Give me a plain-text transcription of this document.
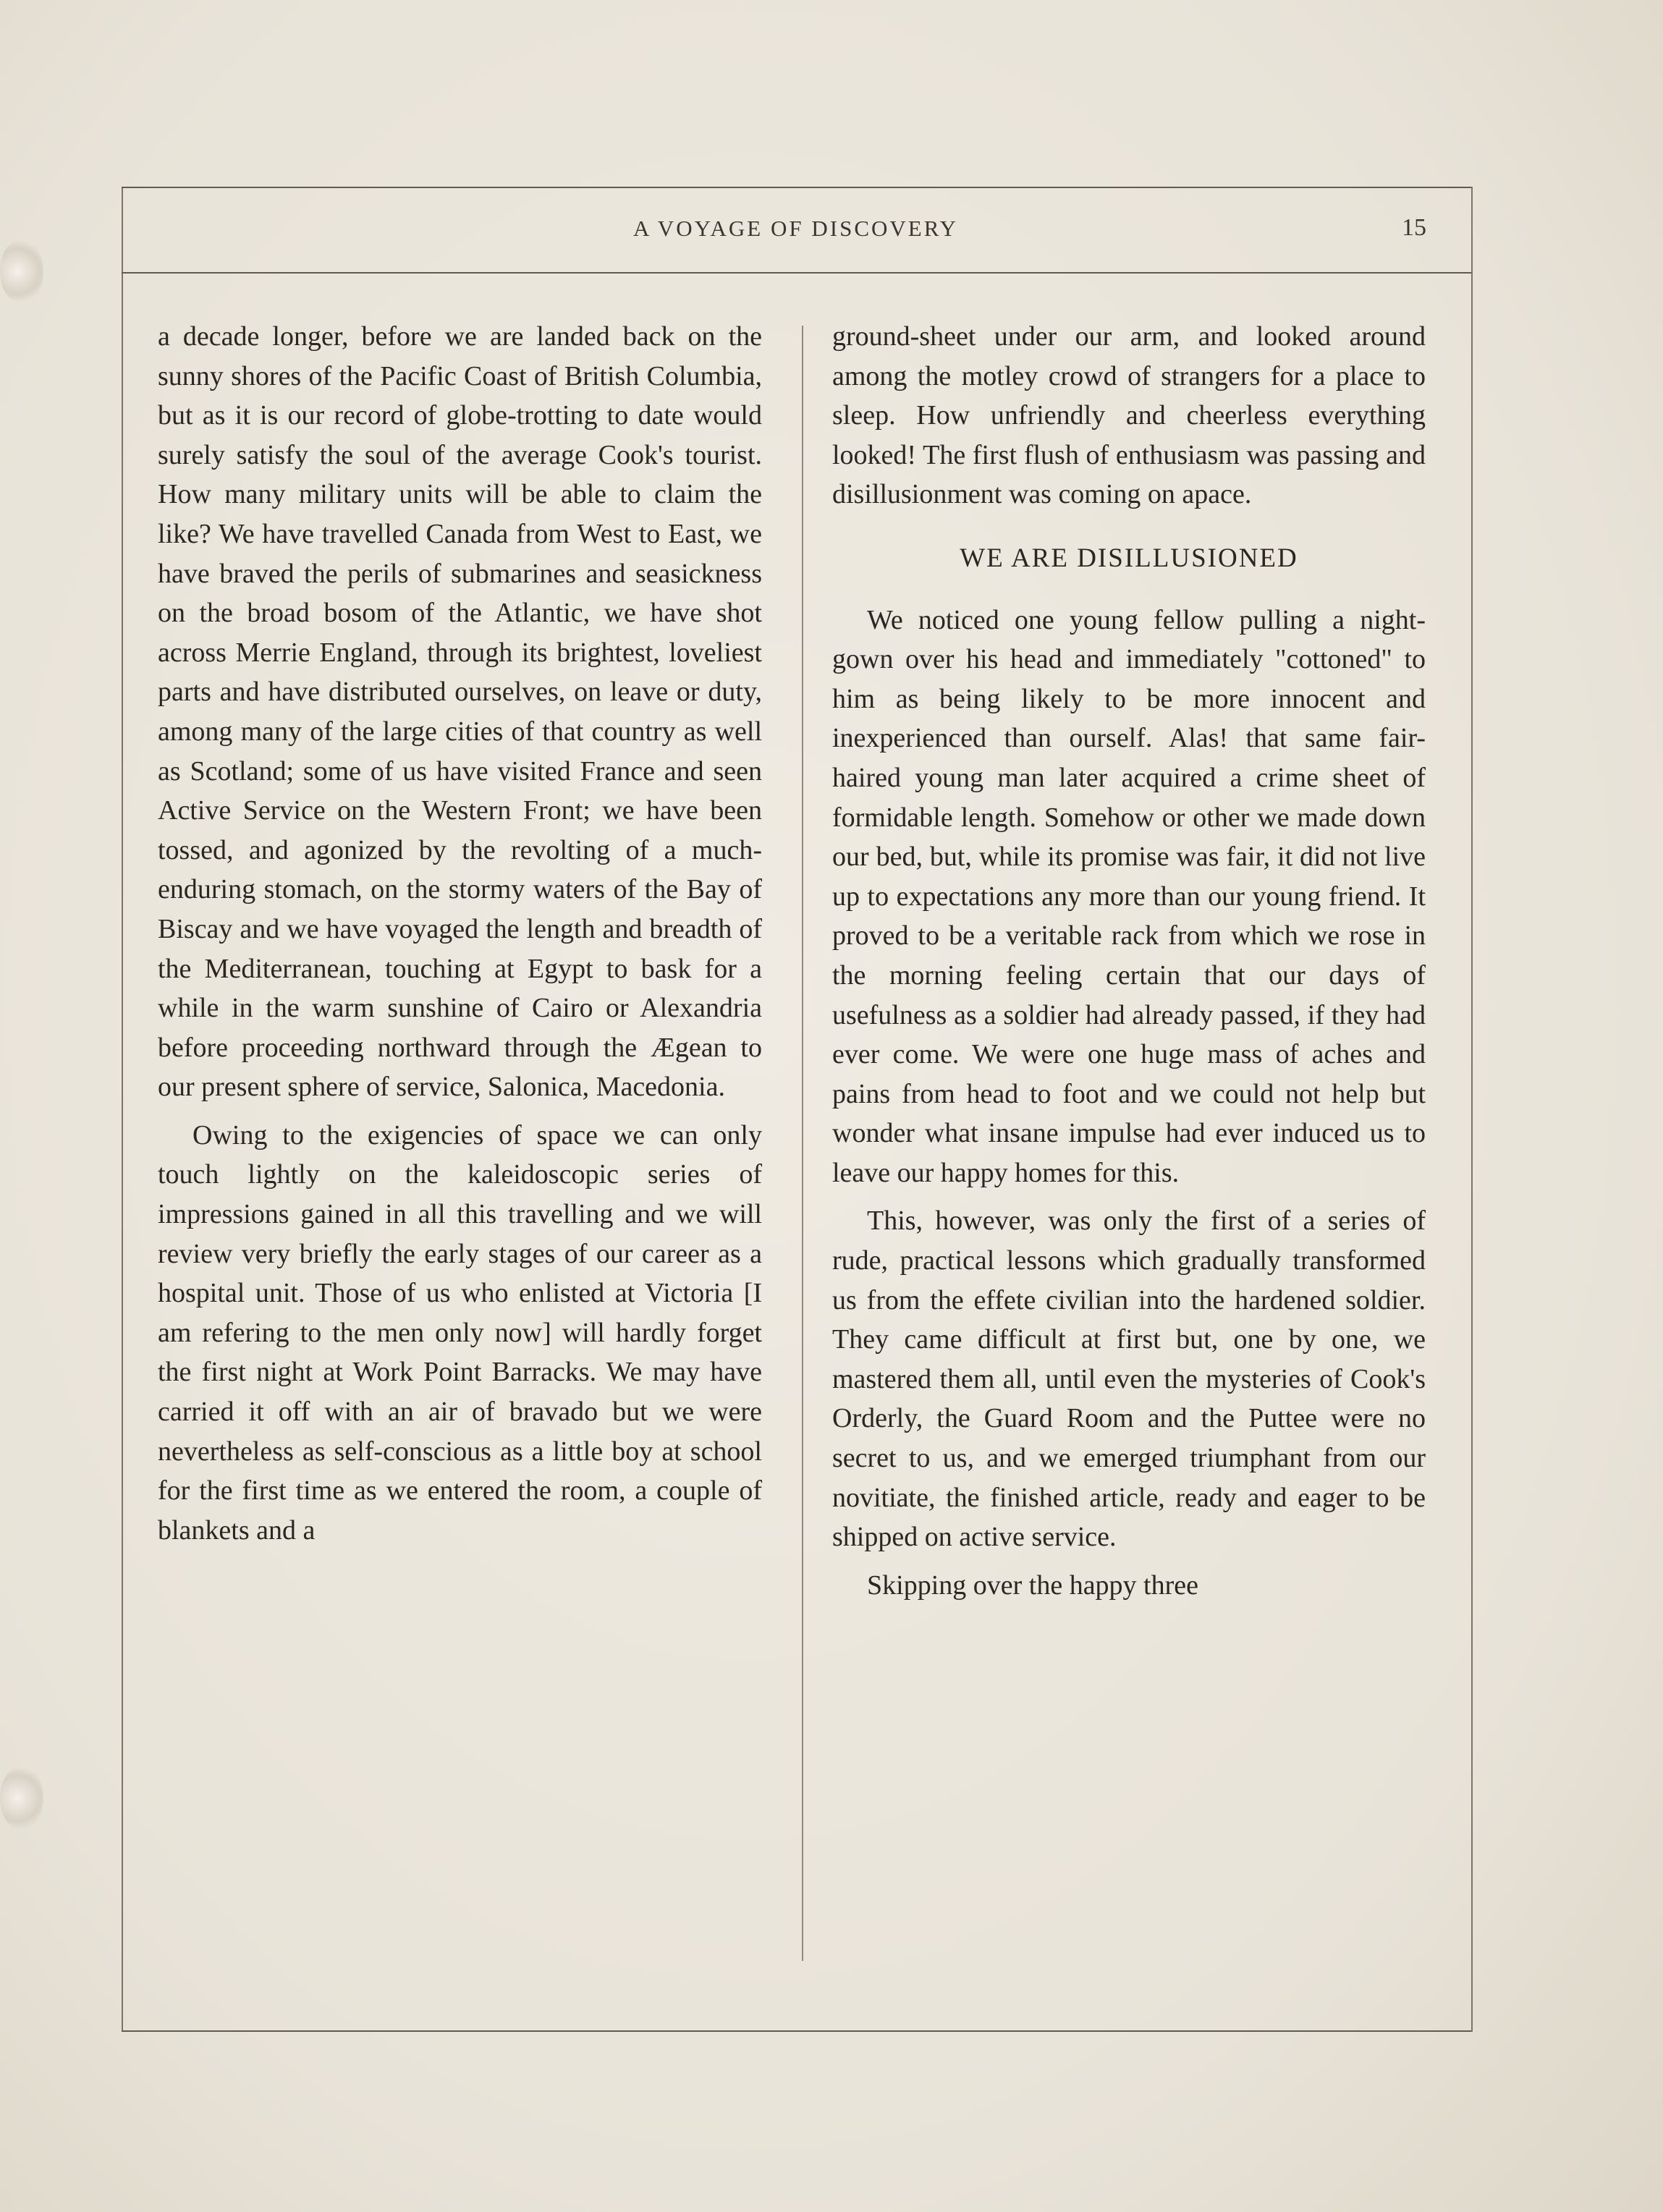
A VOYAGE OF DISCOVERY	15

a decade longer, before we are landed back on the sunny shores of the Pacific Coast of British Columbia, but as it is our record of globe-trotting to date would surely satisfy the soul of the average Cook's tourist. How many military units will be able to claim the like? We have travelled Canada from West to East, we have braved the perils of submarines and seasickness on the broad bosom of the Atlantic, we have shot across Merrie England, through its brightest, loveliest parts and have distributed ourselves, on leave or duty, among many of the large cities of that country as well as Scotland; some of us have visited France and seen Active Service on the Western Front; we have been tossed, and agonized by the revolting of a much-enduring stomach, on the stormy waters of the Bay of Biscay and we have voyaged the length and breadth of the Mediterranean, touching at Egypt to bask for a while in the warm sunshine of Cairo or Alexandria before proceeding northward through the Ægean to our present sphere of service, Salonica, Macedonia.

Owing to the exigencies of space we can only touch lightly on the kaleidoscopic series of impressions gained in all this travelling and we will review very briefly the early stages of our career as a hospital unit. Those of us who enlisted at Victoria [I am refering to the men only now] will hardly forget the first night at Work Point Barracks. We may have carried it off with an air of bravado but we were nevertheless as self-conscious as a little boy at school for the first time as we entered the room, a couple of blankets and a

ground-sheet under our arm, and looked around among the motley crowd of strangers for a place to sleep. How unfriendly and cheerless everything looked! The first flush of enthusiasm was passing and disillusionment was coming on apace.

WE ARE DISILLUSIONED

We noticed one young fellow pulling a night-gown over his head and immediately "cottoned" to him as being likely to be more innocent and inexperienced than ourself. Alas! that same fair-haired young man later acquired a crime sheet of formidable length. Somehow or other we made down our bed, but, while its promise was fair, it did not live up to expectations any more than our young friend. It proved to be a veritable rack from which we rose in the morning feeling certain that our days of usefulness as a soldier had already passed, if they had ever come. We were one huge mass of aches and pains from head to foot and we could not help but wonder what insane impulse had ever induced us to leave our happy homes for this.

This, however, was only the first of a series of rude, practical lessons which gradually transformed us from the effete civilian into the hardened soldier. They came difficult at first but, one by one, we mastered them all, until even the mysteries of Cook's Orderly, the Guard Room and the Puttee were no secret to us, and we emerged triumphant from our novitiate, the finished article, ready and eager to be shipped on active service.

Skipping over the happy three
